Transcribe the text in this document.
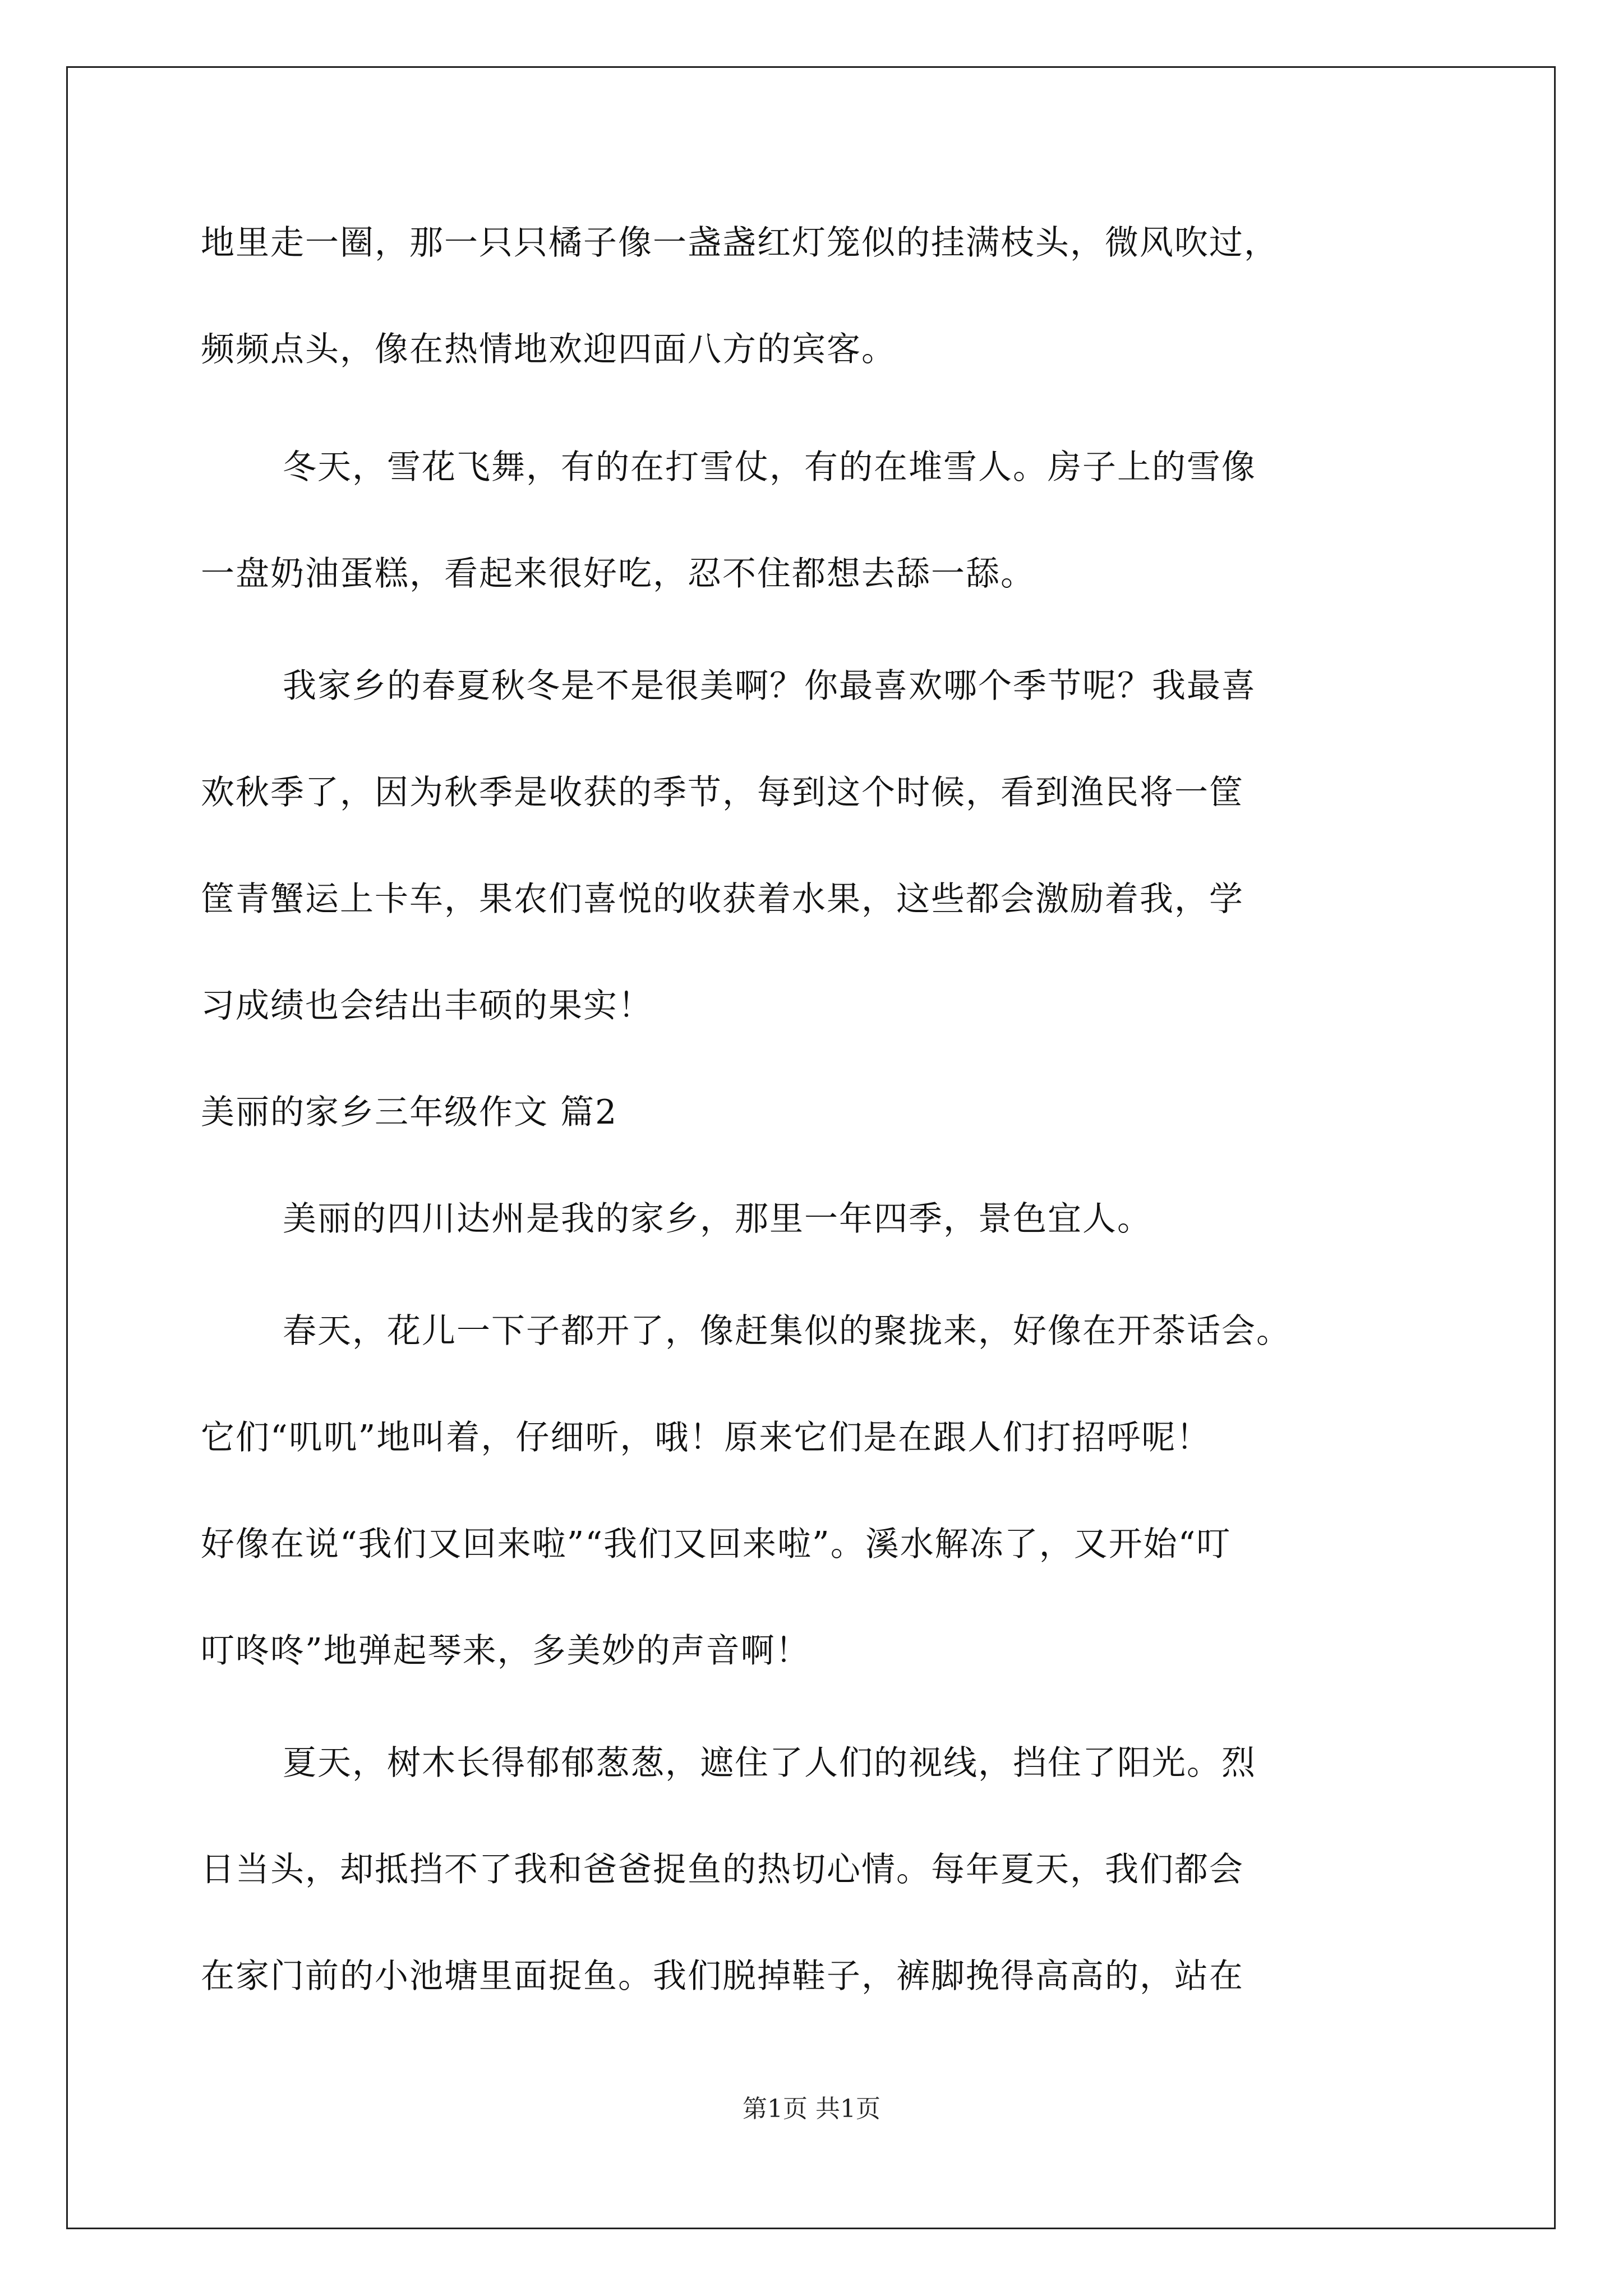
地里走一圈，那一只只橘子像一盏盏红灯笼似的挂满枝头，微风吹过，
频频点头，像在热情地欢迎四面八方的宾客。
冬天，雪花飞舞，有的在打雪仗，有的在堆雪人。房子上的雪像
一盘奶油蛋糕，看起来很好吃，忍不住都想去舔一舔。
我家乡的春夏秋冬是不是很美啊？你最喜欢哪个季节呢？我最喜
欢秋季了，因为秋季是收获的季节，每到这个时候，看到渔民将一筐
筐青蟹运上卡车，果农们喜悦的收获着水果，这些都会激励着我，学
习成绩也会结出丰硕的果实！
美丽的家乡三年级作文 篇2
美丽的四川达州是我的家乡，那里一年四季，景色宜人。
春天，花儿一下子都开了，像赶集似的聚拢来，好像在开茶话会。
它们“叽叽”地叫着，仔细听，哦！原来它们是在跟人们打招呼呢！
好像在说“我们又回来啦”“我们又回来啦”。溪水解冻了，又开始“叮
叮咚咚”地弹起琴来，多美妙的声音啊！
夏天，树木长得郁郁葱葱，遮住了人们的视线，挡住了阳光。烈
日当头，却抵挡不了我和爸爸捉鱼的热切心情。每年夏天，我们都会
在家门前的小池塘里面捉鱼。我们脱掉鞋子，裤脚挽得高高的，站在
第1页 共1页
